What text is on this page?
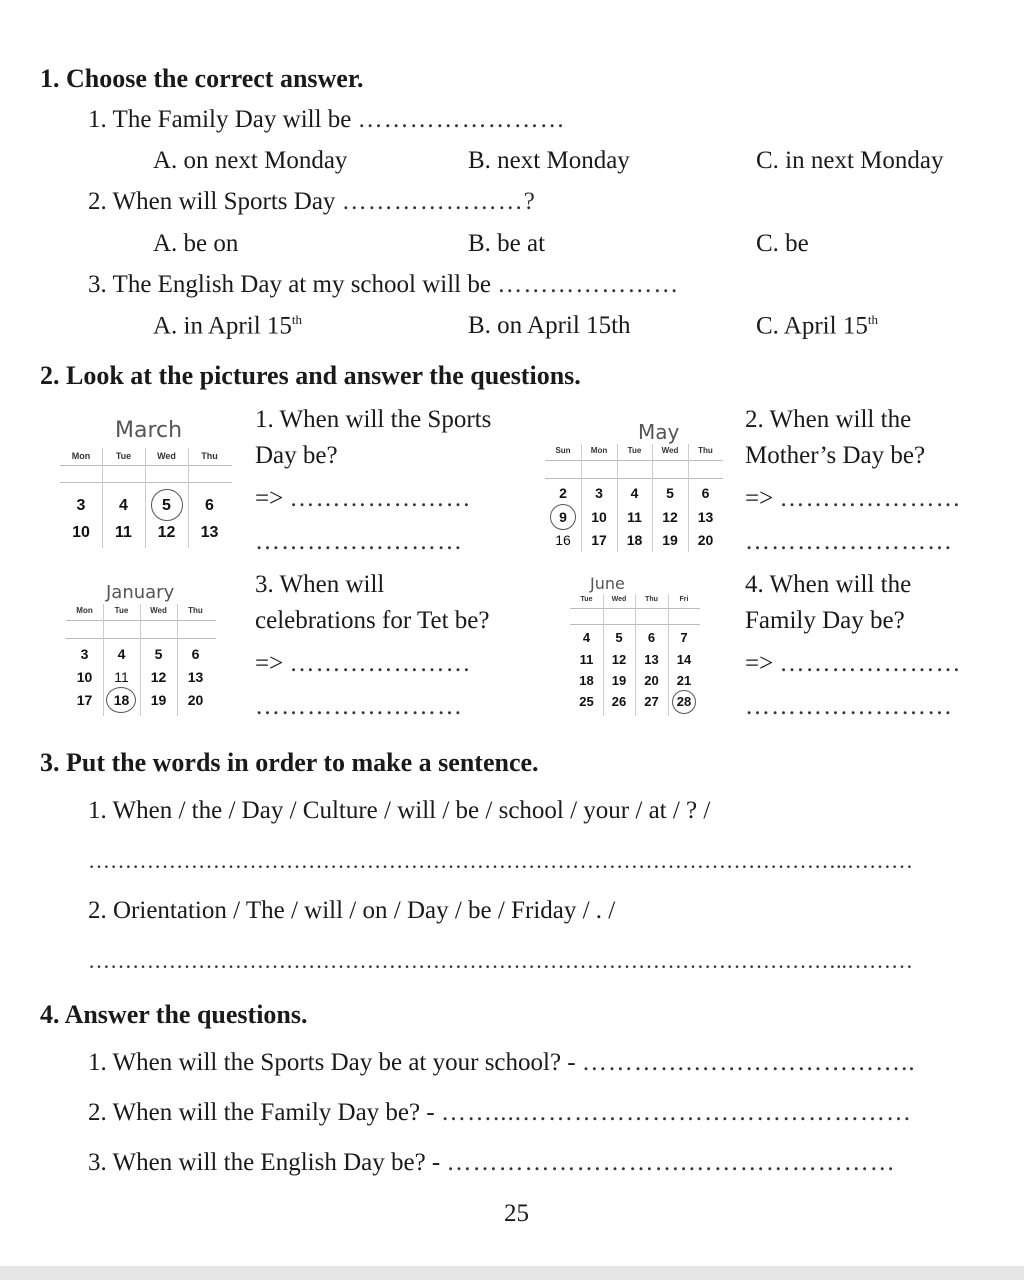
1. Choose the correct answer.
1. The Family Day will be ……………………
A. on next Monday	B. next Monday	C. in next Monday
2. When will Sports Day …………………?
A. be on	B. be at	C. be
3. The English Day at my school will be …………………
A. in April 15th	B. on April 15th	C. April 15th
2. Look at the pictures and answer the questions.
March
Mon	Tue	Wed	Thu
3	4	5	6
10	11	12	13
1. When will the Sports
Day be?
=> …………………
……………………
May
Sun	Mon	Tue	Wed	Thu
2	3	4	5	6
9	10	11	12	13
16	17	18	19	20
2. When will the
Mother’s Day be?
=> …………………
……………………
January
Mon	Tue	Wed	Thu
3	4	5	6
10	11	12	13
17	18	19	20
3. When will
celebrations for Tet be?
=> …………………
……………………
June
Tue	Wed	Thu	Fri
4	5	6	7
11	12	13	14
18	19	20	21
25	26	27	28
4. When will the
Family Day be?
=> …………………
……………………
3. Put the words in order to make a sentence.
1. When / the / Day / Culture / will / be / school / your / at / ? /
…………………………………………………………………………………………..………
2. Orientation / The / will / on / Day / be / Friday / . /
…………………………………………………………………………………………..………
4. Answer the questions.
1. When will the Sports Day be at your school? - ………….……………………..
2. When will the Family Day be? - ……....………………………………………
3. When will the English Day be? - ……………………….……………………
25
